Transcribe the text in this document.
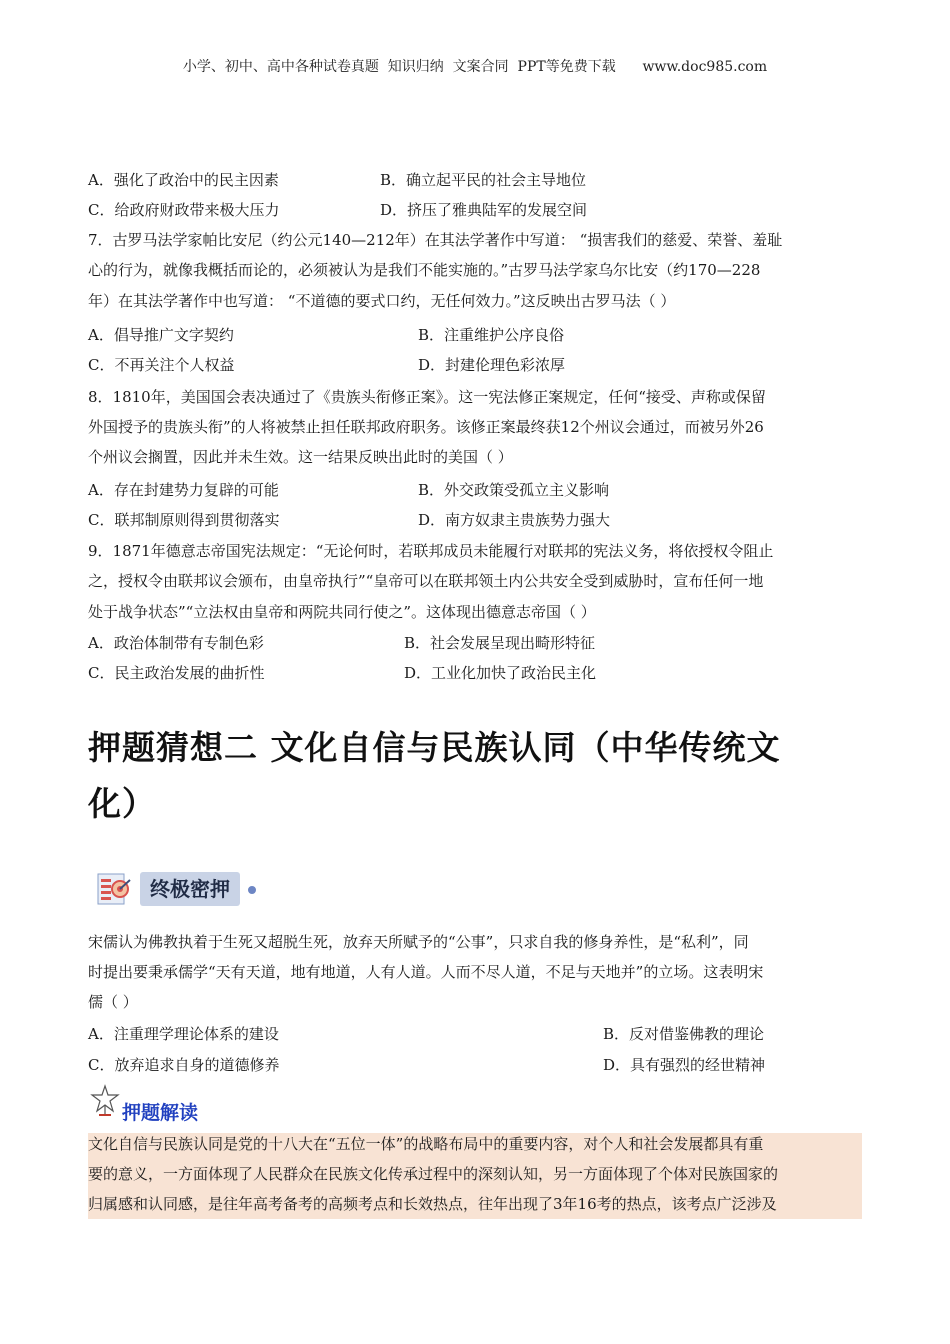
小学、初中、高中各种试卷真题  知识归纳  文案合同  PPT等免费下载      www.doc985.com
A．强化了政治中的民主因素	B．确立起平民的社会主导地位
C．给政府财政带来极大压力	D．挤压了雅典陆军的发展空间
7．古罗马法学家帕比安尼（约公元140—212年）在其法学著作中写道： “损害我们的慈爱、荣誉、羞耻
心的行为，就像我概括而论的，必须被认为是我们不能实施的。”古罗马法学家乌尔比安（约170—228
年）在其法学著作中也写道： “不道德的要式口约，无任何效力。”这反映出古罗马法（ ）
A．倡导推广文字契约	B．注重维护公序良俗
C．不再关注个人权益	D．封建伦理色彩浓厚
8．1810年，美国国会表决通过了《贵族头衔修正案》。这一宪法修正案规定，任何“接受、声称或保留
外国授予的贵族头衔”的人将被禁止担任联邦政府职务。该修正案最终获12个州议会通过，而被另外26
个州议会搁置，因此并未生效。这一结果反映出此时的美国（ ）
A．存在封建势力复辟的可能	B．外交政策受孤立主义影响
C．联邦制原则得到贯彻落实	D．南方奴隶主贵族势力强大
9．1871年德意志帝国宪法规定：“无论何时，若联邦成员未能履行对联邦的宪法义务，将依授权令阻止
之，授权令由联邦议会颁布，由皇帝执行”“皇帝可以在联邦领土内公共安全受到威胁时，宣布任何一地
处于战争状态”“立法权由皇帝和两院共同行使之”。这体现出德意志帝国（ ）
A．政治体制带有专制色彩	B．社会发展呈现出畸形特征
C．民主政治发展的曲折性	D．工业化加快了政治民主化
押题猜想二 文化自信与民族认同（中华传统文
化）
终极密押
宋儒认为佛教执着于生死又超脱生死，放弃天所赋予的“公事”，只求自我的修身养性，是“私利”，同
时提出要秉承儒学“天有天道，地有地道，人有人道。人而不尽人道，不足与天地并”的立场。这表明宋
儒（ ）
A．注重理学理论体系的建设	B．反对借鉴佛教的理论
C．放弃追求自身的道德修养	D．具有强烈的经世精神
押题解读
文化自信与民族认同是党的十八大在“五位一体”的战略布局中的重要内容，对个人和社会发展都具有重
要的意义，一方面体现了人民群众在民族文化传承过程中的深刻认知，另一方面体现了个体对民族国家的
归属感和认同感，是往年高考备考的高频考点和长效热点，往年出现了3年16考的热点，该考点广泛涉及
